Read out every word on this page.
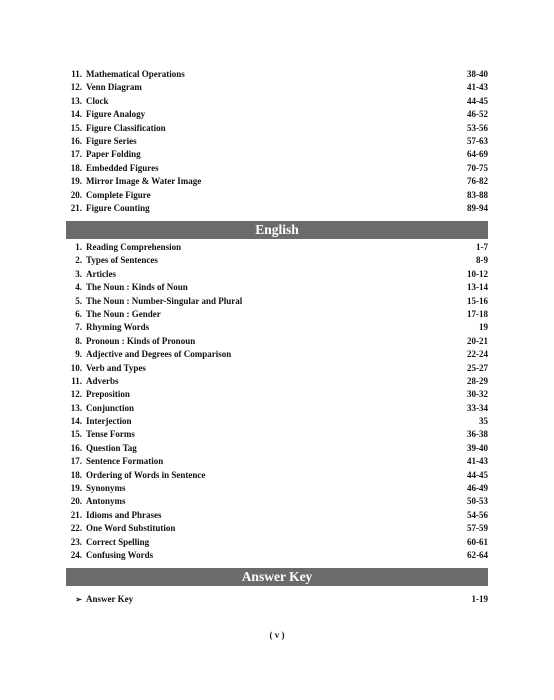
11. Mathematical Operations	38-40
12. Venn Diagram	41-43
13. Clock	44-45
14. Figure Analogy	46-52
15. Figure Classification	53-56
16. Figure Series	57-63
17. Paper Folding	64-69
18. Embedded Figures	70-75
19. Mirror Image & Water Image	76-82
20. Complete Figure	83-88
21. Figure Counting	89-94
English
1. Reading Comprehension	1-7
2. Types of Sentences	8-9
3. Articles	10-12
4. The Noun : Kinds of Noun	13-14
5. The Noun : Number-Singular and Plural	15-16
6. The Noun : Gender	17-18
7. Rhyming Words	19
8. Pronoun : Kinds of Pronoun	20-21
9. Adjective and Degrees of Comparison	22-24
10. Verb and Types	25-27
11. Adverbs	28-29
12. Preposition	30-32
13. Conjunction	33-34
14. Interjection	35
15. Tense Forms	36-38
16. Question Tag	39-40
17. Sentence Formation	41-43
18. Ordering of Words in Sentence	44-45
19. Synonyms	46-49
20. Antonyms	50-53
21. Idioms and Phrases	54-56
22. One Word Substitution	57-59
23. Correct Spelling	60-61
24. Confusing Words	62-64
Answer Key
➢ Answer Key	1-19
( v )
